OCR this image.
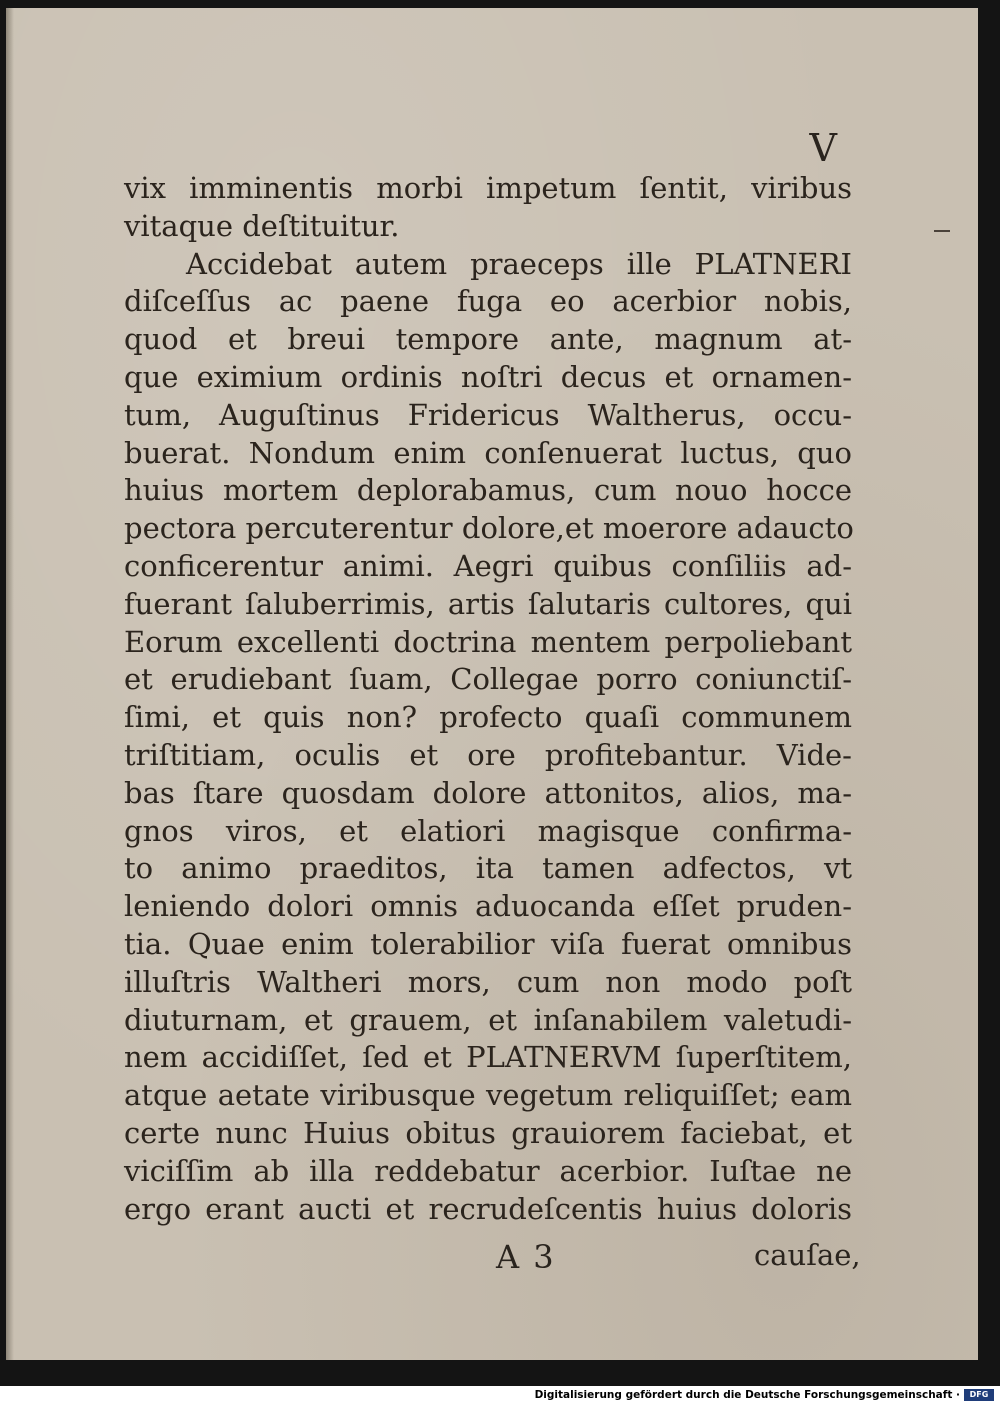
V
vix imminentis morbi impetum ſentit, viribus
vitaque deſtituitur.
Accidebat autem praeceps ille PLATNERI
diſceſſus ac paene fuga eo acerbior nobis,
quod et breui tempore ante, magnum at-
que eximium ordinis noſtri decus et ornamen-
tum, Auguſtinus Fridericus Waltherus, occu-
buerat. Nondum enim conſenuerat luctus, quo
huius mortem deplorabamus, cum nouo hocce
pectora percuterentur dolore,et moerore adaucto
conficerentur animi. Aegri quibus conſiliis ad-
fuerant ſaluberrimis, artis ſalutaris cultores, qui
Eorum excellenti doctrina mentem perpoliebant
et erudiebant ſuam, Collegae porro coniunctiſ-
ſimi, et quis non? profecto quaſi communem
triſtitiam, oculis et ore profitebantur. Vide-
bas ſtare quosdam dolore attonitos, alios, ma-
gnos viros, et elatiori magisque confirma-
to animo praeditos, ita tamen adfectos, vt
leniendo dolori omnis aduocanda eſſet pruden-
tia. Quae enim tolerabilior viſa fuerat omnibus
illuſtris Waltheri mors, cum non modo poſt
diuturnam, et grauem, et inſanabilem valetudi-
nem accidiſſet, ſed et PLATNERVM ſuperſtitem,
atque aetate viribusque vegetum reliquiſſet; eam
certe nunc Huius obitus grauiorem faciebat, et
viciſſim ab illa reddebatur acerbior. Iuſtae ne
ergo erant aucti et recrudeſcentis huius doloris
A 3	cauſae,
Digitalisierung gefördert durch die Deutsche Forschungsgemeinschaft ·	DFG
